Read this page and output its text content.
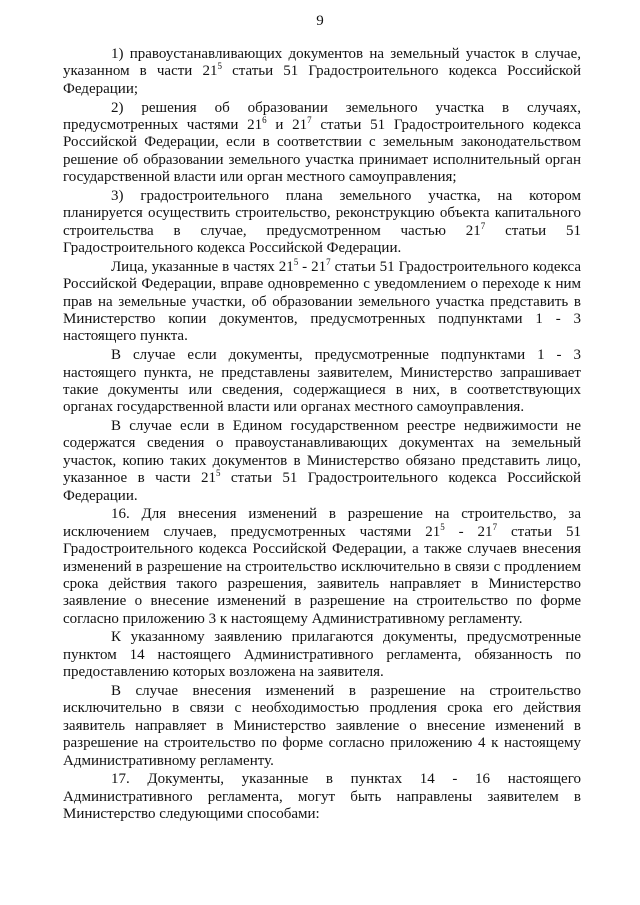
9

1) правоустанавливающих документов на земельный участок в случае, указанном в части $21^5$ статьи 51 Градостроительного кодекса Российской Федерации;

2) решения об образовании земельного участка в случаях, предусмотренных частями $21^6$ и $21^7$ статьи 51 Градостроительного кодекса Российской Федерации, если в соответствии с земельным законодательством решение об образовании земельного участка принимает исполнительный орган государственной власти или орган местного самоуправления;

3) градостроительного плана земельного участка, на котором планируется осуществить строительство, реконструкцию объекта капитального строительства в случае, предусмотренном частью $21^7$ статьи 51 Градостроительного кодекса Российской Федерации.

Лица, указанные в частях $21^5 - 21^7$ статьи 51 Градостроительного кодекса Российской Федерации, вправе одновременно с уведомлением о переходе к ним прав на земельные участки, об образовании земельного участка представить в Министерство копии документов, предусмотренных подпунктами 1 - 3 настоящего пункта.

В случае если документы, предусмотренные подпунктами 1 - 3 настоящего пункта, не представлены заявителем, Министерство запрашивает такие документы или сведения, содержащиеся в них, в соответствующих органах государственной власти или органах местного самоуправления.

В случае если в Едином государственном реестре недвижимости не содержатся сведения о правоустанавливающих документах на земельный участок, копию таких документов в Министерство обязано представить лицо, указанное в части $21^5$ статьи 51 Градостроительного кодекса Российской Федерации.

16. Для внесения изменений в разрешение на строительство, за исключением случаев, предусмотренных частями $21^5 - 21^7$ статьи 51 Градостроительного кодекса Российской Федерации, а также случаев внесения изменений в разрешение на строительство исключительно в связи с продлением срока действия такого разрешения, заявитель направляет в Министерство заявление о внесение изменений в разрешение на строительство по форме согласно приложению 3 к настоящему Административному регламенту.

К указанному заявлению прилагаются документы, предусмотренные пунктом 14 настоящего Административного регламента, обязанность по предоставлению которых возложена на заявителя.

В случае внесения изменений в разрешение на строительство исключительно в связи с необходимостью продления срока его действия заявитель направляет в Министерство заявление о внесение изменений в разрешение на строительство по форме согласно приложению 4 к настоящему Административному регламенту.

17. Документы, указанные в пунктах 14 - 16 настоящего Административного регламента, могут быть направлены заявителем в Министерство следующими способами:
